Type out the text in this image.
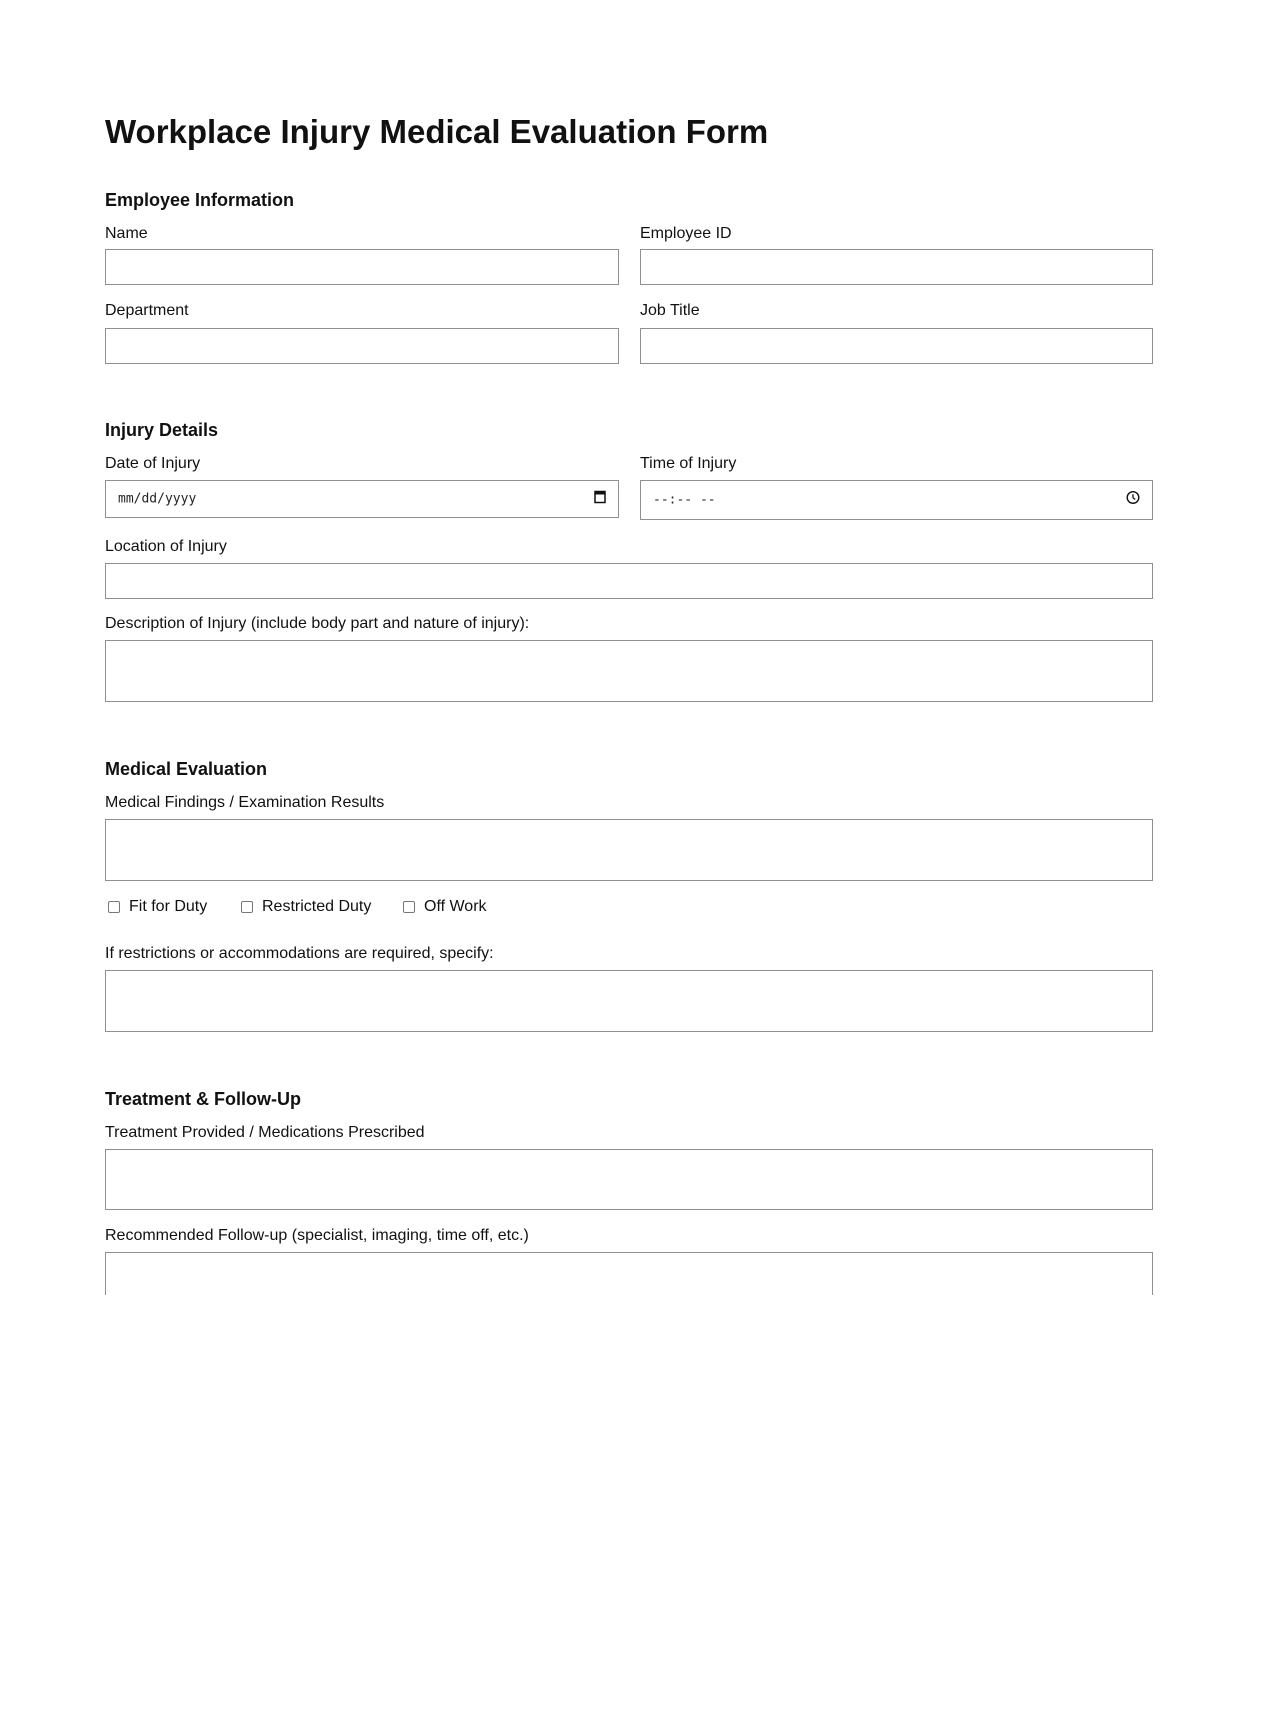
Workplace Injury Medical Evaluation Form
Employee Information
Name	Employee ID
Department	Job Title
Injury Details
Date of Injury	Time of Injury
mm/dd/yyyy	--:-- --
Location of Injury
Description of Injury (include body part and nature of injury):
Medical Evaluation
Medical Findings / Examination Results
Fit for Duty	Restricted Duty	Off Work
If restrictions or accommodations are required, specify:
Treatment & Follow-Up
Treatment Provided / Medications Prescribed
Recommended Follow-up (specialist, imaging, time off, etc.)
